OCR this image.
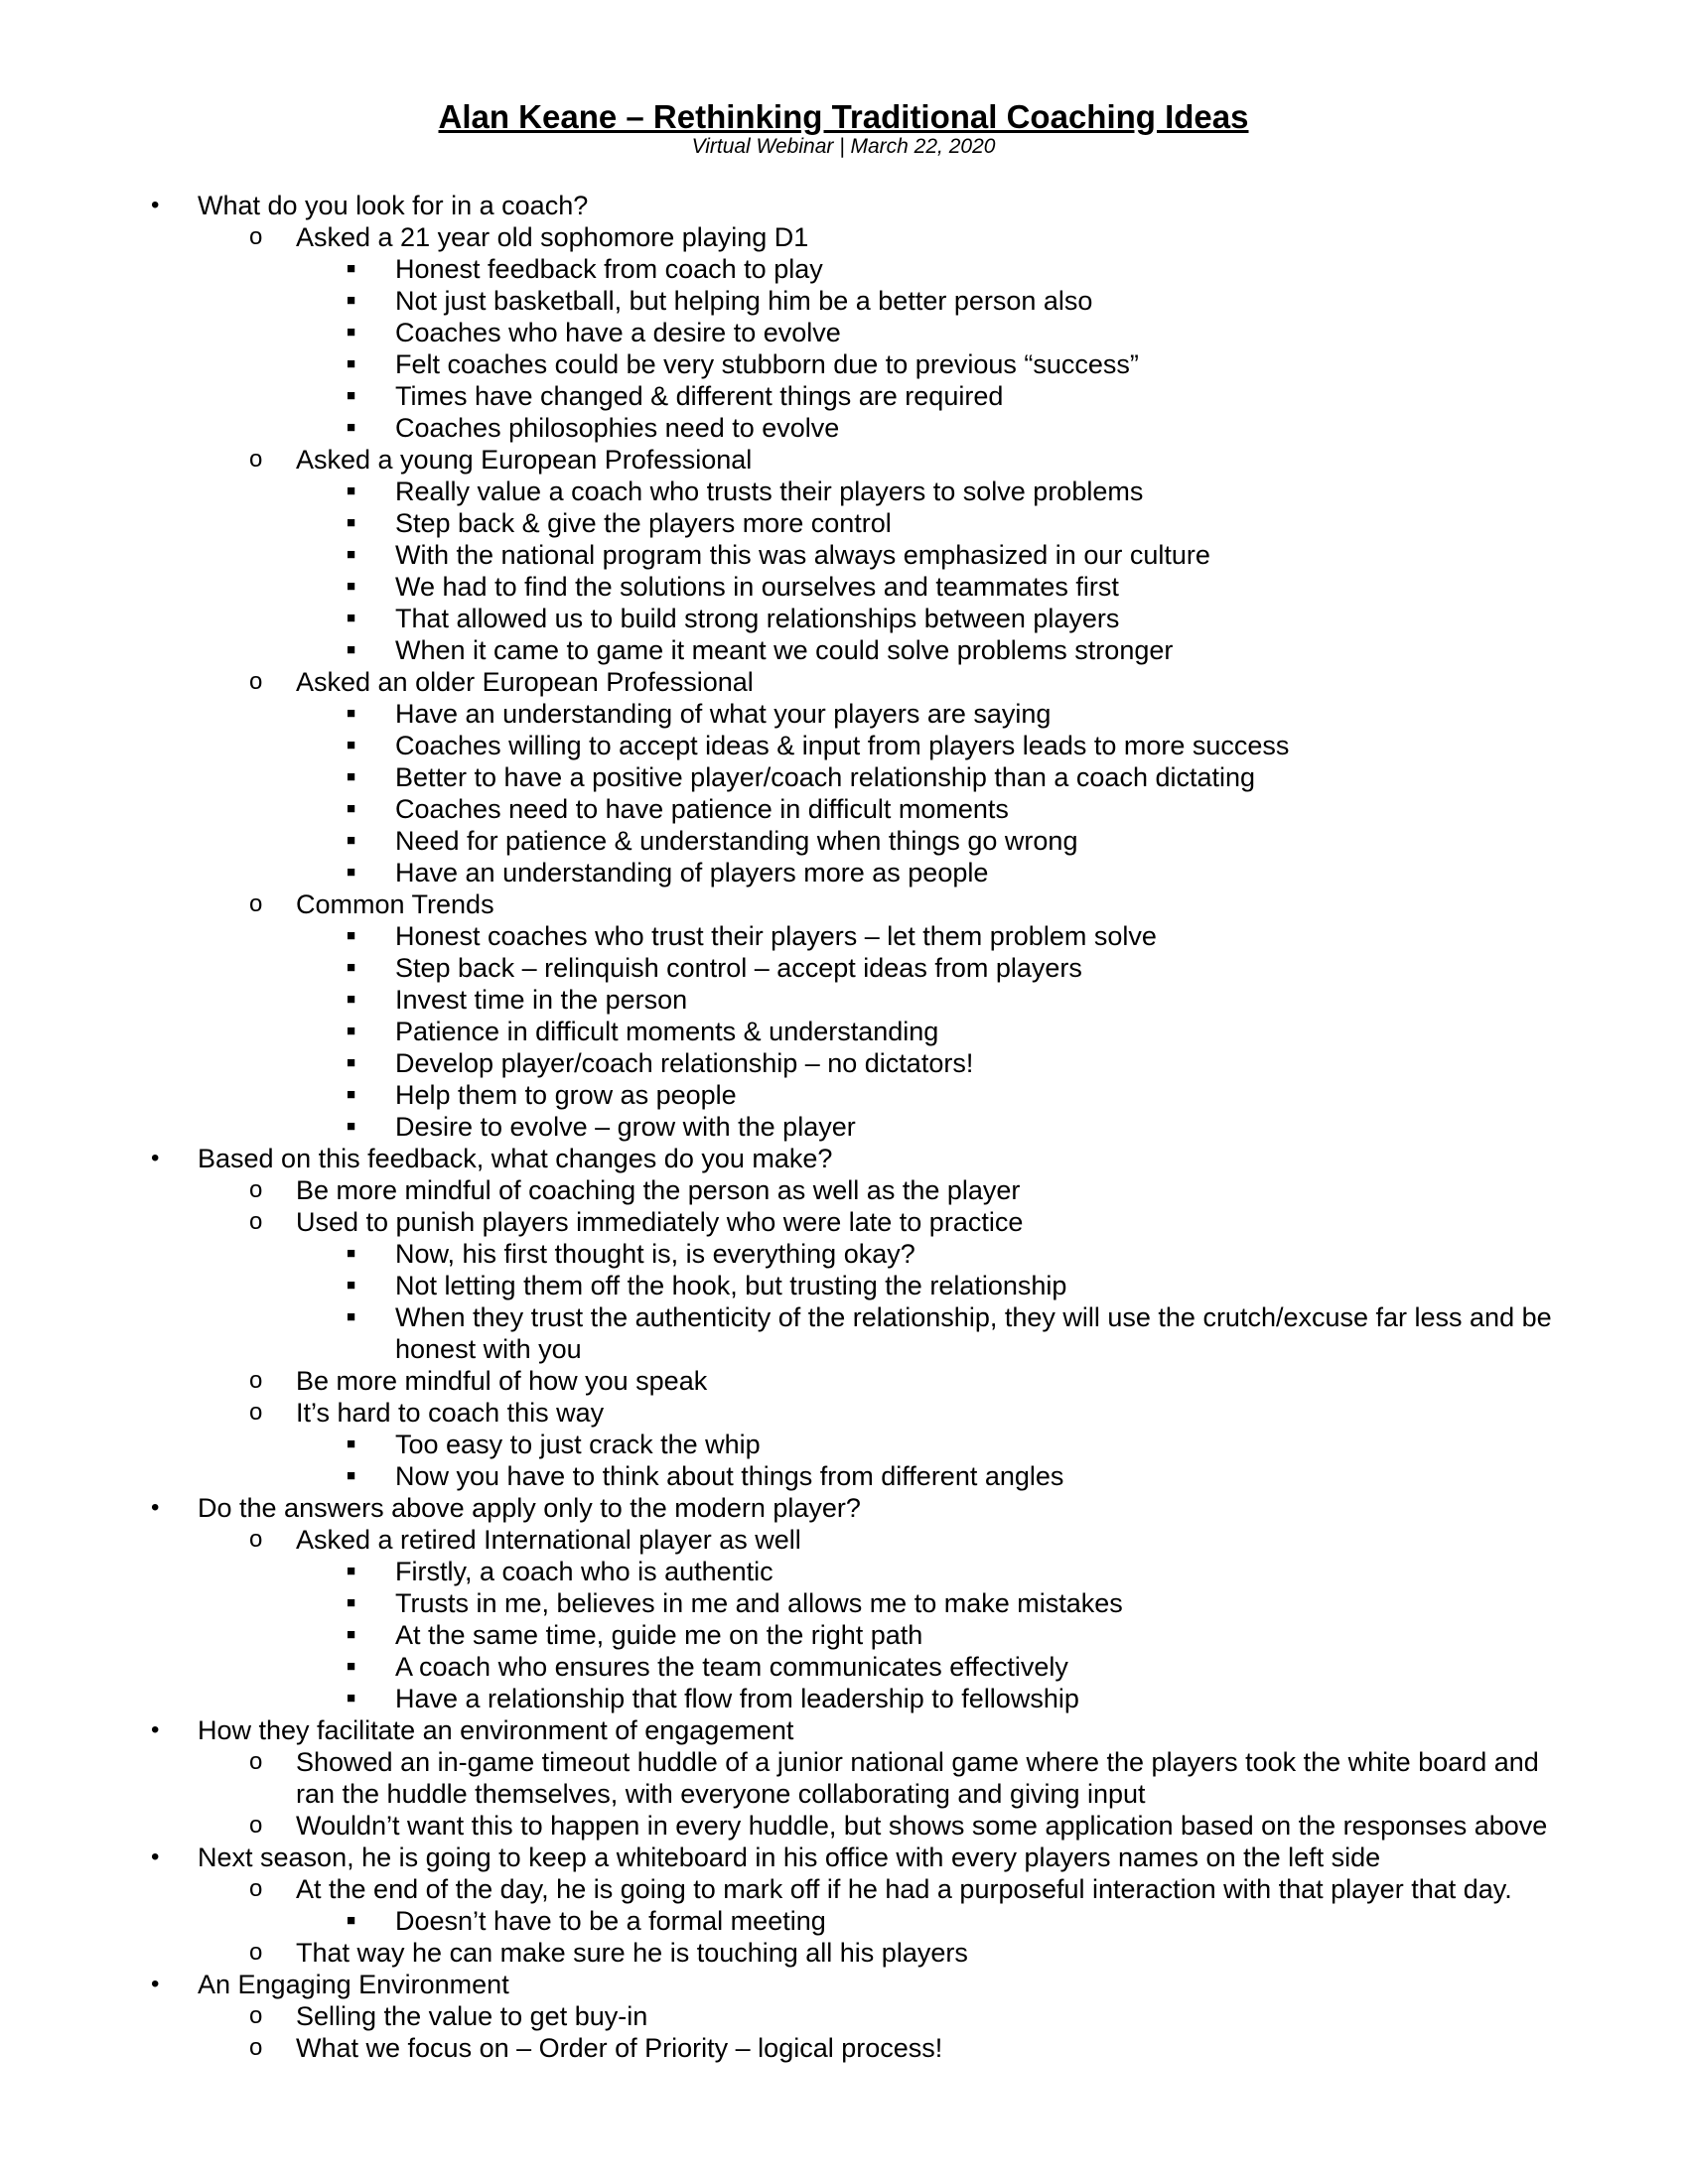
Alan Keane – Rethinking Traditional Coaching Ideas
Virtual Webinar | March 22, 2020
• What do you look for in a coach?
o Asked a 21 year old sophomore playing D1
■ Honest feedback from coach to play
■ Not just basketball, but helping him be a better person also
■ Coaches who have a desire to evolve
■ Felt coaches could be very stubborn due to previous “success”
■ Times have changed & different things are required
■ Coaches philosophies need to evolve
o Asked a young European Professional
■ Really value a coach who trusts their players to solve problems
■ Step back & give the players more control
■ With the national program this was always emphasized in our culture
■ We had to find the solutions in ourselves and teammates first
■ That allowed us to build strong relationships between players
■ When it came to game it meant we could solve problems stronger
o Asked an older European Professional
■ Have an understanding of what your players are saying
■ Coaches willing to accept ideas & input from players leads to more success
■ Better to have a positive player/coach relationship than a coach dictating
■ Coaches need to have patience in difficult moments
■ Need for patience & understanding when things go wrong
■ Have an understanding of players more as people
o Common Trends
■ Honest coaches who trust their players – let them problem solve
■ Step back – relinquish control – accept ideas from players
■ Invest time in the person
■ Patience in difficult moments & understanding
■ Develop player/coach relationship – no dictators!
■ Help them to grow as people
■ Desire to evolve – grow with the player
• Based on this feedback, what changes do you make?
o Be more mindful of coaching the person as well as the player
o Used to punish players immediately who were late to practice
■ Now, his first thought is, is everything okay?
■ Not letting them off the hook, but trusting the relationship
■ When they trust the authenticity of the relationship, they will use the crutch/excuse far less and be
honest with you
o Be more mindful of how you speak
o It’s hard to coach this way
■ Too easy to just crack the whip
■ Now you have to think about things from different angles
• Do the answers above apply only to the modern player?
o Asked a retired International player as well
■ Firstly, a coach who is authentic
■ Trusts in me, believes in me and allows me to make mistakes
■ At the same time, guide me on the right path
■ A coach who ensures the team communicates effectively
■ Have a relationship that flow from leadership to fellowship
• How they facilitate an environment of engagement
o Showed an in-game timeout huddle of a junior national game where the players took the white board and
ran the huddle themselves, with everyone collaborating and giving input
o Wouldn’t want this to happen in every huddle, but shows some application based on the responses above
• Next season, he is going to keep a whiteboard in his office with every players names on the left side
o At the end of the day, he is going to mark off if he had a purposeful interaction with that player that day.
■ Doesn’t have to be a formal meeting
o That way he can make sure he is touching all his players
• An Engaging Environment
o Selling the value to get buy-in
o What we focus on – Order of Priority – logical process!
